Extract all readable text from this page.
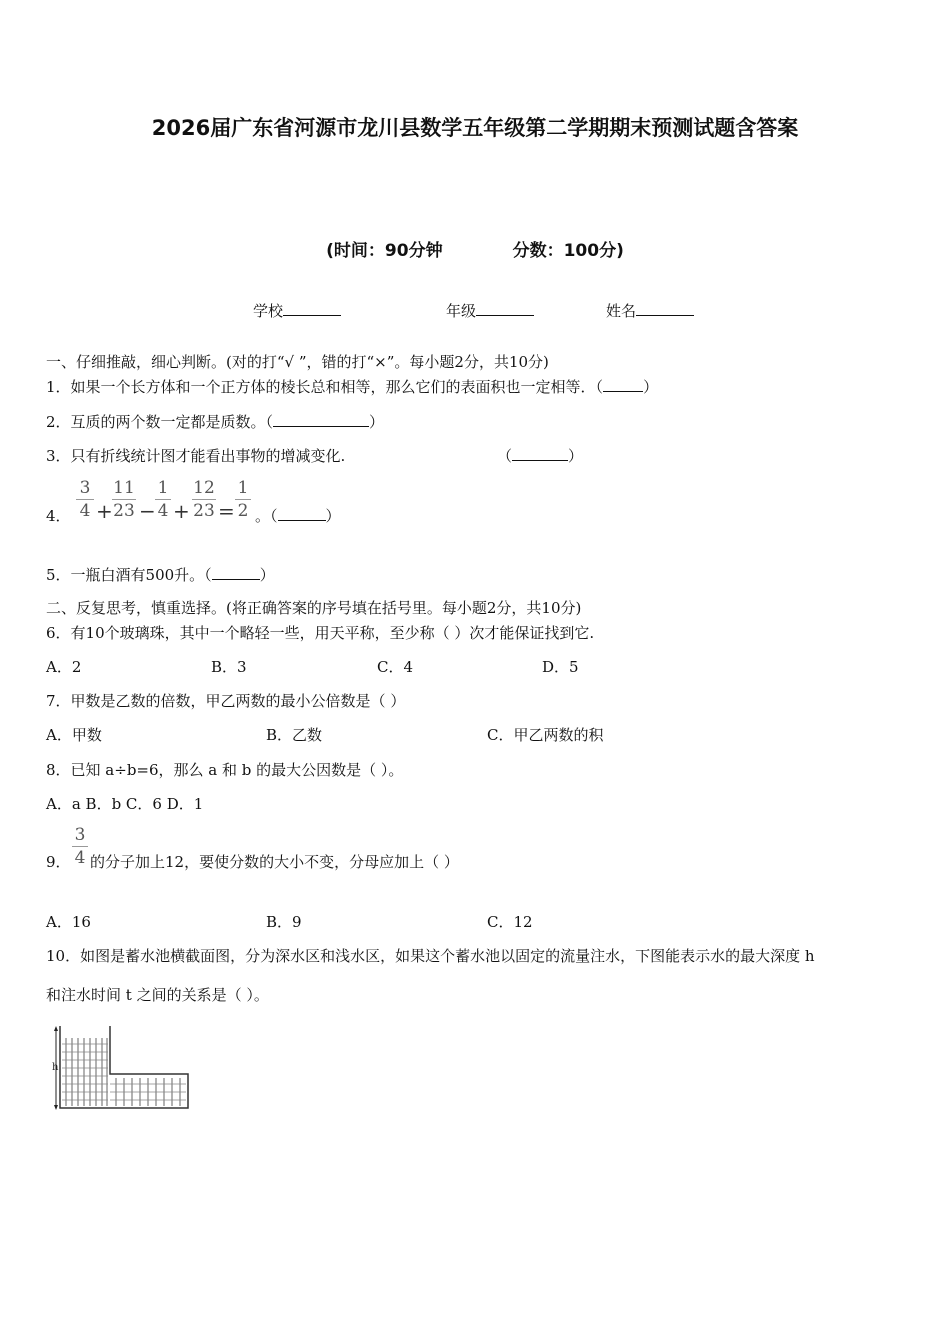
2026届广东省河源市龙川县数学五年级第二学期期末预测试题含答案
(时间：90分钟	分数：100分)
学校	年级	姓名
一、仔细推敲，细心判断。(对的打“√ ”，错的打“×”。每小题2分，共10分)
1．如果一个长方体和一个正方体的棱长总和相等，那么它们的表面积也一定相等．（	）
2．互质的两个数一定都是质数。（	）
3．只有折线统计图才能看出事物的增减变化.	（	）
4．
3
4 +
11
23 −
1
4 +
12
23 =
1
2 。（	）
5．一瓶白酒有500升。（	）
二、反复思考，慎重选择。(将正确答案的序号填在括号里。每小题2分，共10分)
6．有10个玻璃珠，其中一个略轻一些，用天平称，至少称（ ）次才能保证找到它.
A．2	B．3	C．4	D．5
7．甲数是乙数的倍数，甲乙两数的最小公倍数是（ ）
A．甲数	B．乙数	C．甲乙两数的积
8．已知 a÷b=6，那么 a 和 b 的最大公因数是（ ）。
A．a B．b C．6 D．1
9．
3
4 的分子加上12，要使分数的大小不变，分母应加上（ ）
A．16	B．9	C．12
10．如图是蓄水池横截面图，分为深水区和浅水区，如果这个蓄水池以固定的流量注水，下图能表示水的最大深度 h
和注水时间 t 之间的关系是（ ）。
h
